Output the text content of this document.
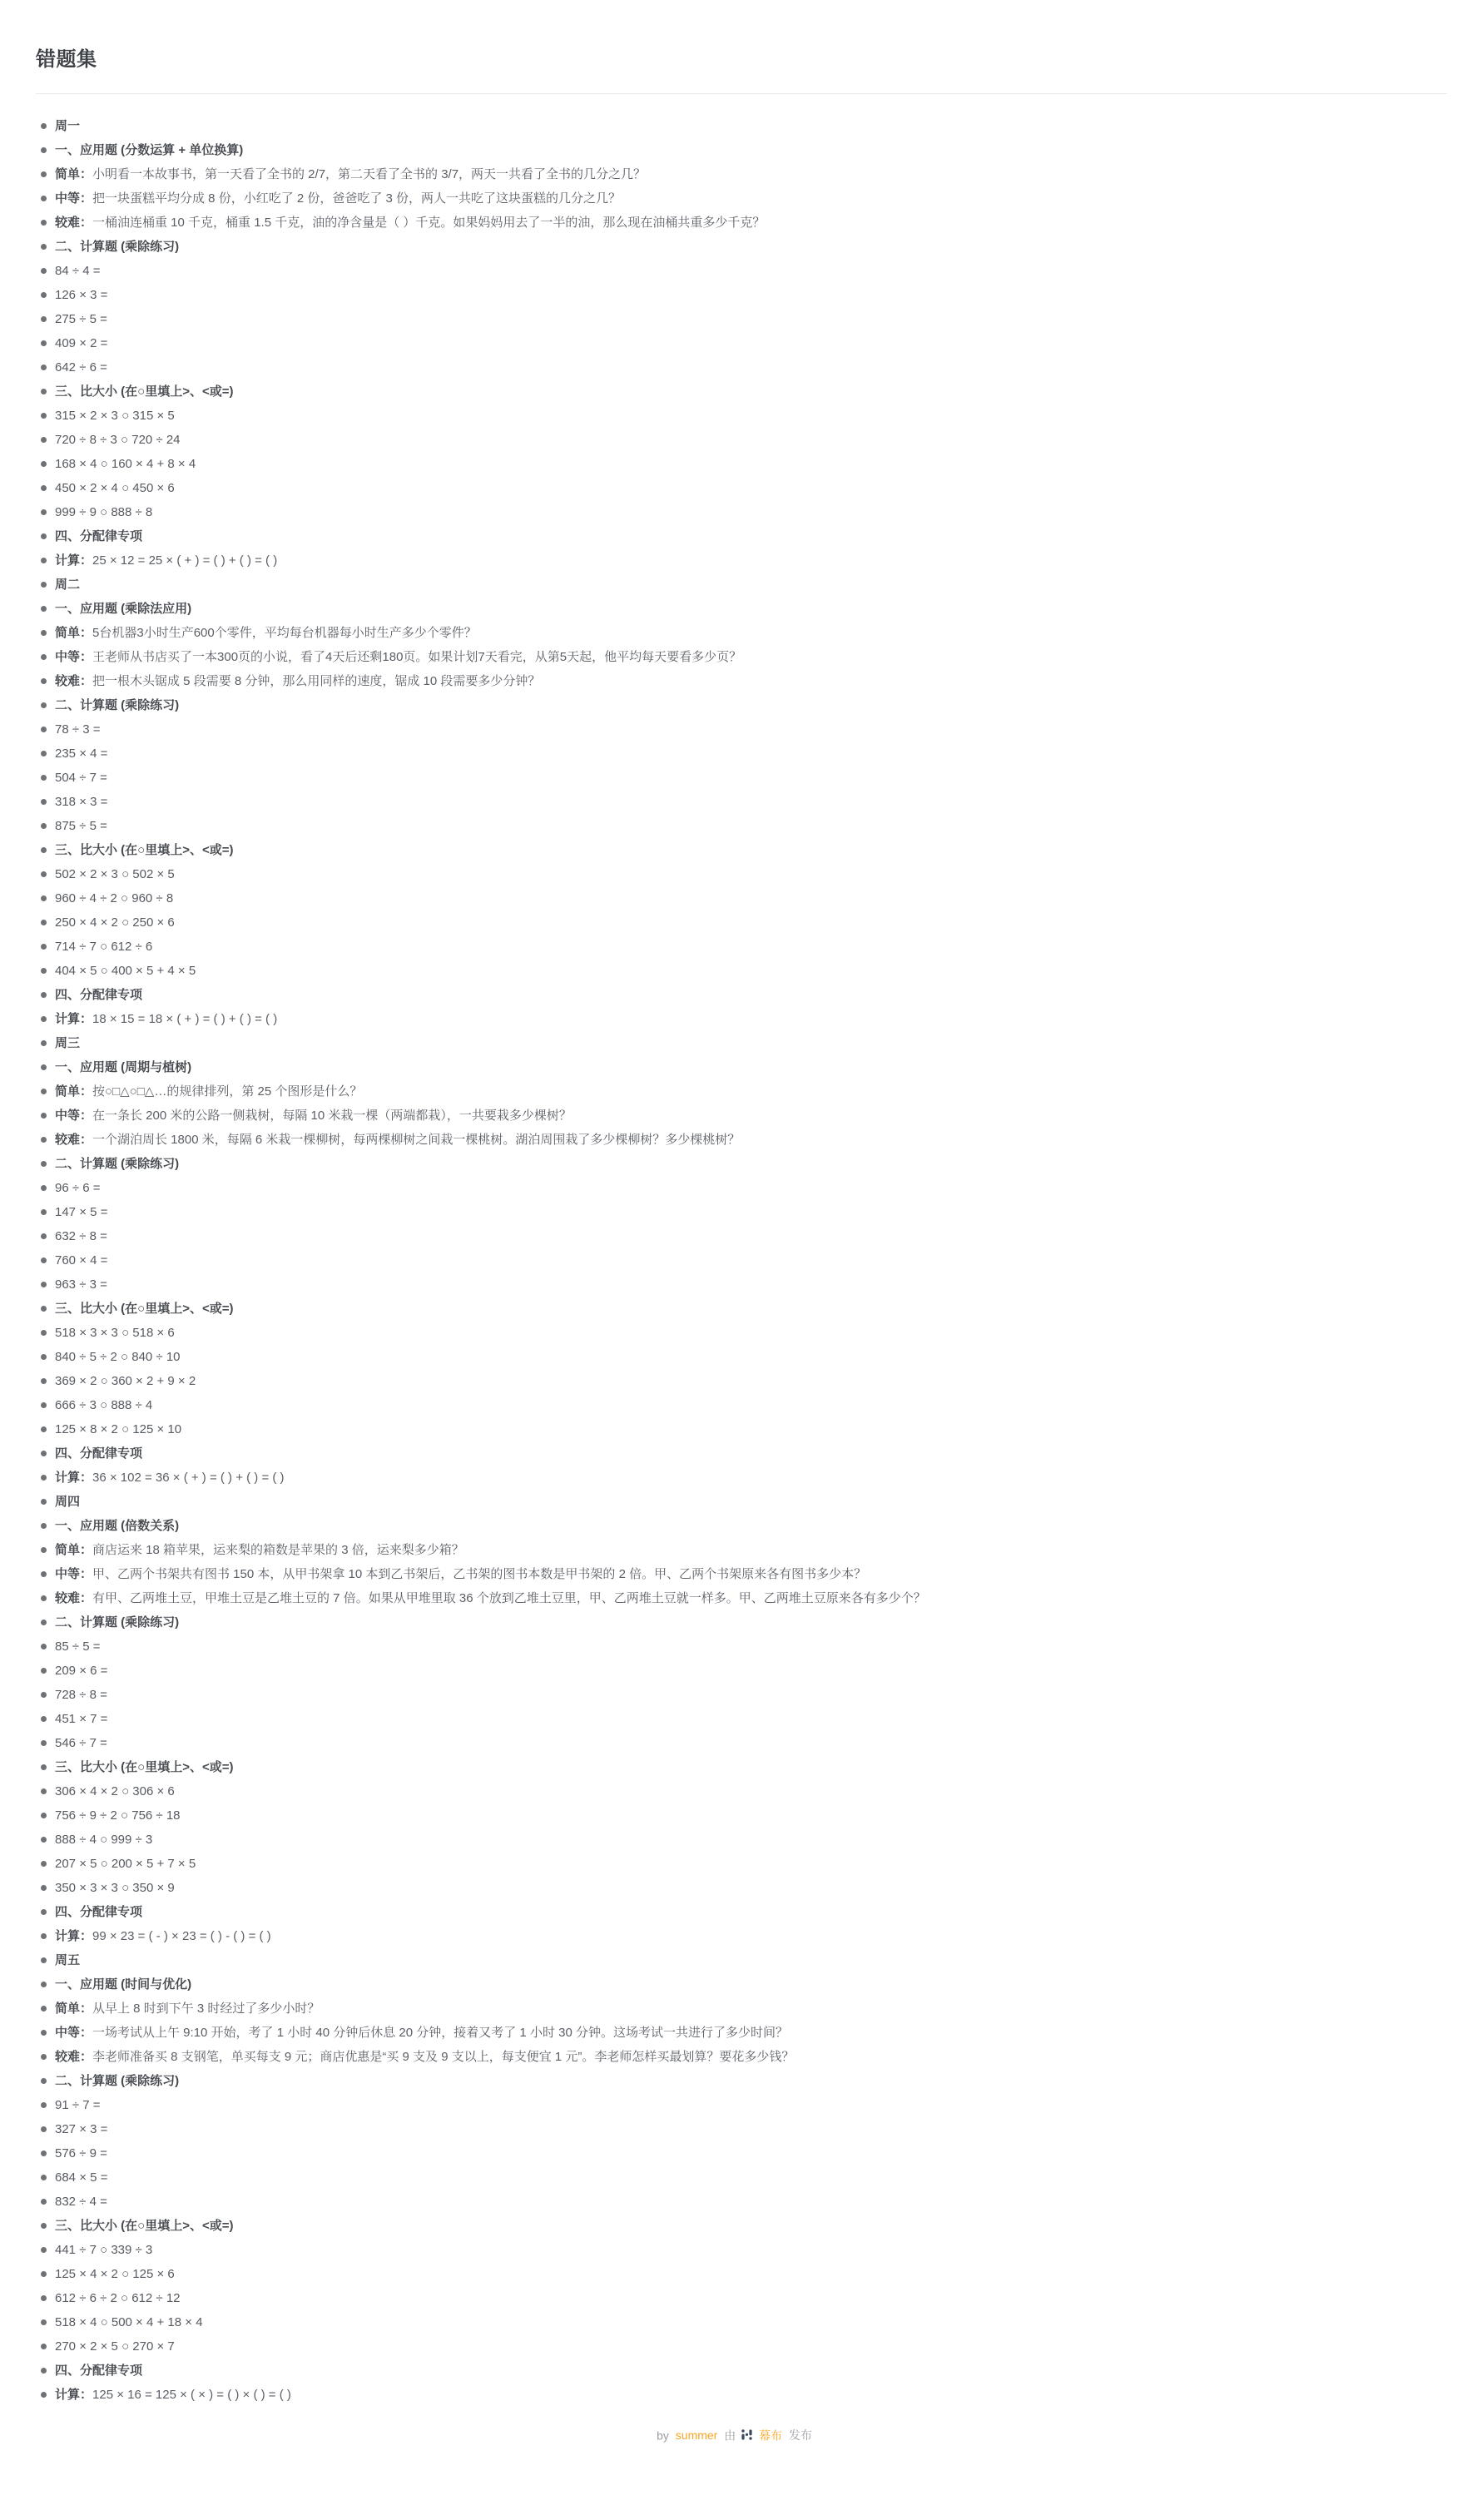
错题集
周一
一、应用题 (分数运算 + 单位换算)
简单：小明看一本故事书，第一天看了全书的 2/7，第二天看了全书的 3/7，两天一共看了全书的几分之几？
中等：把一块蛋糕平均分成 8 份，小红吃了 2 份，爸爸吃了 3 份，两人一共吃了这块蛋糕的几分之几？
较难：一桶油连桶重 10 千克，桶重 1.5 千克，油的净含量是（ ）千克。如果妈妈用去了一半的油，那么现在油桶共重多少千克？
二、计算题 (乘除练习)
84 ÷ 4 =
126 × 3 =
275 ÷ 5 =
409 × 2 =
642 ÷ 6 =
三、比大小 (在○里填上>、<或=)
315 × 2 × 3 ○ 315 × 5
720 ÷ 8 ÷ 3 ○ 720 ÷ 24
168 × 4 ○ 160 × 4 + 8 × 4
450 × 2 × 4 ○ 450 × 6
999 ÷ 9 ○ 888 ÷ 8
四、分配律专项
计算：25 × 12 = 25 × ( + ) = ( ) + ( ) = ( )
周二
一、应用题 (乘除法应用)
简单：5台机器3小时生产600个零件，平均每台机器每小时生产多少个零件？
中等：王老师从书店买了一本300页的小说，看了4天后还剩180页。如果计划7天看完，从第5天起，他平均每天要看多少页？
较难：把一根木头锯成 5 段需要 8 分钟，那么用同样的速度，锯成 10 段需要多少分钟？
二、计算题 (乘除练习)
78 ÷ 3 =
235 × 4 =
504 ÷ 7 =
318 × 3 =
875 ÷ 5 =
三、比大小 (在○里填上>、<或=)
502 × 2 × 3 ○ 502 × 5
960 ÷ 4 ÷ 2 ○ 960 ÷ 8
250 × 4 × 2 ○ 250 × 6
714 ÷ 7 ○ 612 ÷ 6
404 × 5 ○ 400 × 5 + 4 × 5
四、分配律专项
计算：18 × 15 = 18 × ( + ) = ( ) + ( ) = ( )
周三
一、应用题 (周期与植树)
简单：按○□△○□△…的规律排列，第 25 个图形是什么？
中等：在一条长 200 米的公路一侧栽树，每隔 10 米栽一棵（两端都栽），一共要栽多少棵树？
较难：一个湖泊周长 1800 米，每隔 6 米栽一棵柳树，每两棵柳树之间栽一棵桃树。湖泊周围栽了多少棵柳树？多少棵桃树？
二、计算题 (乘除练习)
96 ÷ 6 =
147 × 5 =
632 ÷ 8 =
760 × 4 =
963 ÷ 3 =
三、比大小 (在○里填上>、<或=)
518 × 3 × 3 ○ 518 × 6
840 ÷ 5 ÷ 2 ○ 840 ÷ 10
369 × 2 ○ 360 × 2 + 9 × 2
666 ÷ 3 ○ 888 ÷ 4
125 × 8 × 2 ○ 125 × 10
四、分配律专项
计算：36 × 102 = 36 × ( + ) = ( ) + ( ) = ( )
周四
一、应用题 (倍数关系)
简单：商店运来 18 箱苹果，运来梨的箱数是苹果的 3 倍，运来梨多少箱？
中等：甲、乙两个书架共有图书 150 本，从甲书架拿 10 本到乙书架后，乙书架的图书本数是甲书架的 2 倍。甲、乙两个书架原来各有图书多少本？
较难：有甲、乙两堆土豆，甲堆土豆是乙堆土豆的 7 倍。如果从甲堆里取 36 个放到乙堆土豆里，甲、乙两堆土豆就一样多。甲、乙两堆土豆原来各有多少个？
二、计算题 (乘除练习)
85 ÷ 5 =
209 × 6 =
728 ÷ 8 =
451 × 7 =
546 ÷ 7 =
三、比大小 (在○里填上>、<或=)
306 × 4 × 2 ○ 306 × 6
756 ÷ 9 ÷ 2 ○ 756 ÷ 18
888 ÷ 4 ○ 999 ÷ 3
207 × 5 ○ 200 × 5 + 7 × 5
350 × 3 × 3 ○ 350 × 9
四、分配律专项
计算：99 × 23 = ( - ) × 23 = ( ) - ( ) = ( )
周五
一、应用题 (时间与优化)
简单：从早上 8 时到下午 3 时经过了多少小时？
中等：一场考试从上午 9:10 开始，考了 1 小时 40 分钟后休息 20 分钟，接着又考了 1 小时 30 分钟。这场考试一共进行了多少时间？
较难：李老师准备买 8 支钢笔，单买每支 9 元；商店优惠是“买 9 支及 9 支以上，每支便宜 1 元”。李老师怎样买最划算？要花多少钱？
二、计算题 (乘除练习)
91 ÷ 7 =
327 × 3 =
576 ÷ 9 =
684 × 5 =
832 ÷ 4 =
三、比大小 (在○里填上>、<或=)
441 ÷ 7 ○ 339 ÷ 3
125 × 4 × 2 ○ 125 × 6
612 ÷ 6 ÷ 2 ○ 612 ÷ 12
518 × 4 ○ 500 × 4 + 18 × 4
270 × 2 × 5 ○ 270 × 7
四、分配律专项
计算：125 × 16 = 125 × ( × ) = ( ) × ( ) = ( )
by summer 由 幕布 发布
